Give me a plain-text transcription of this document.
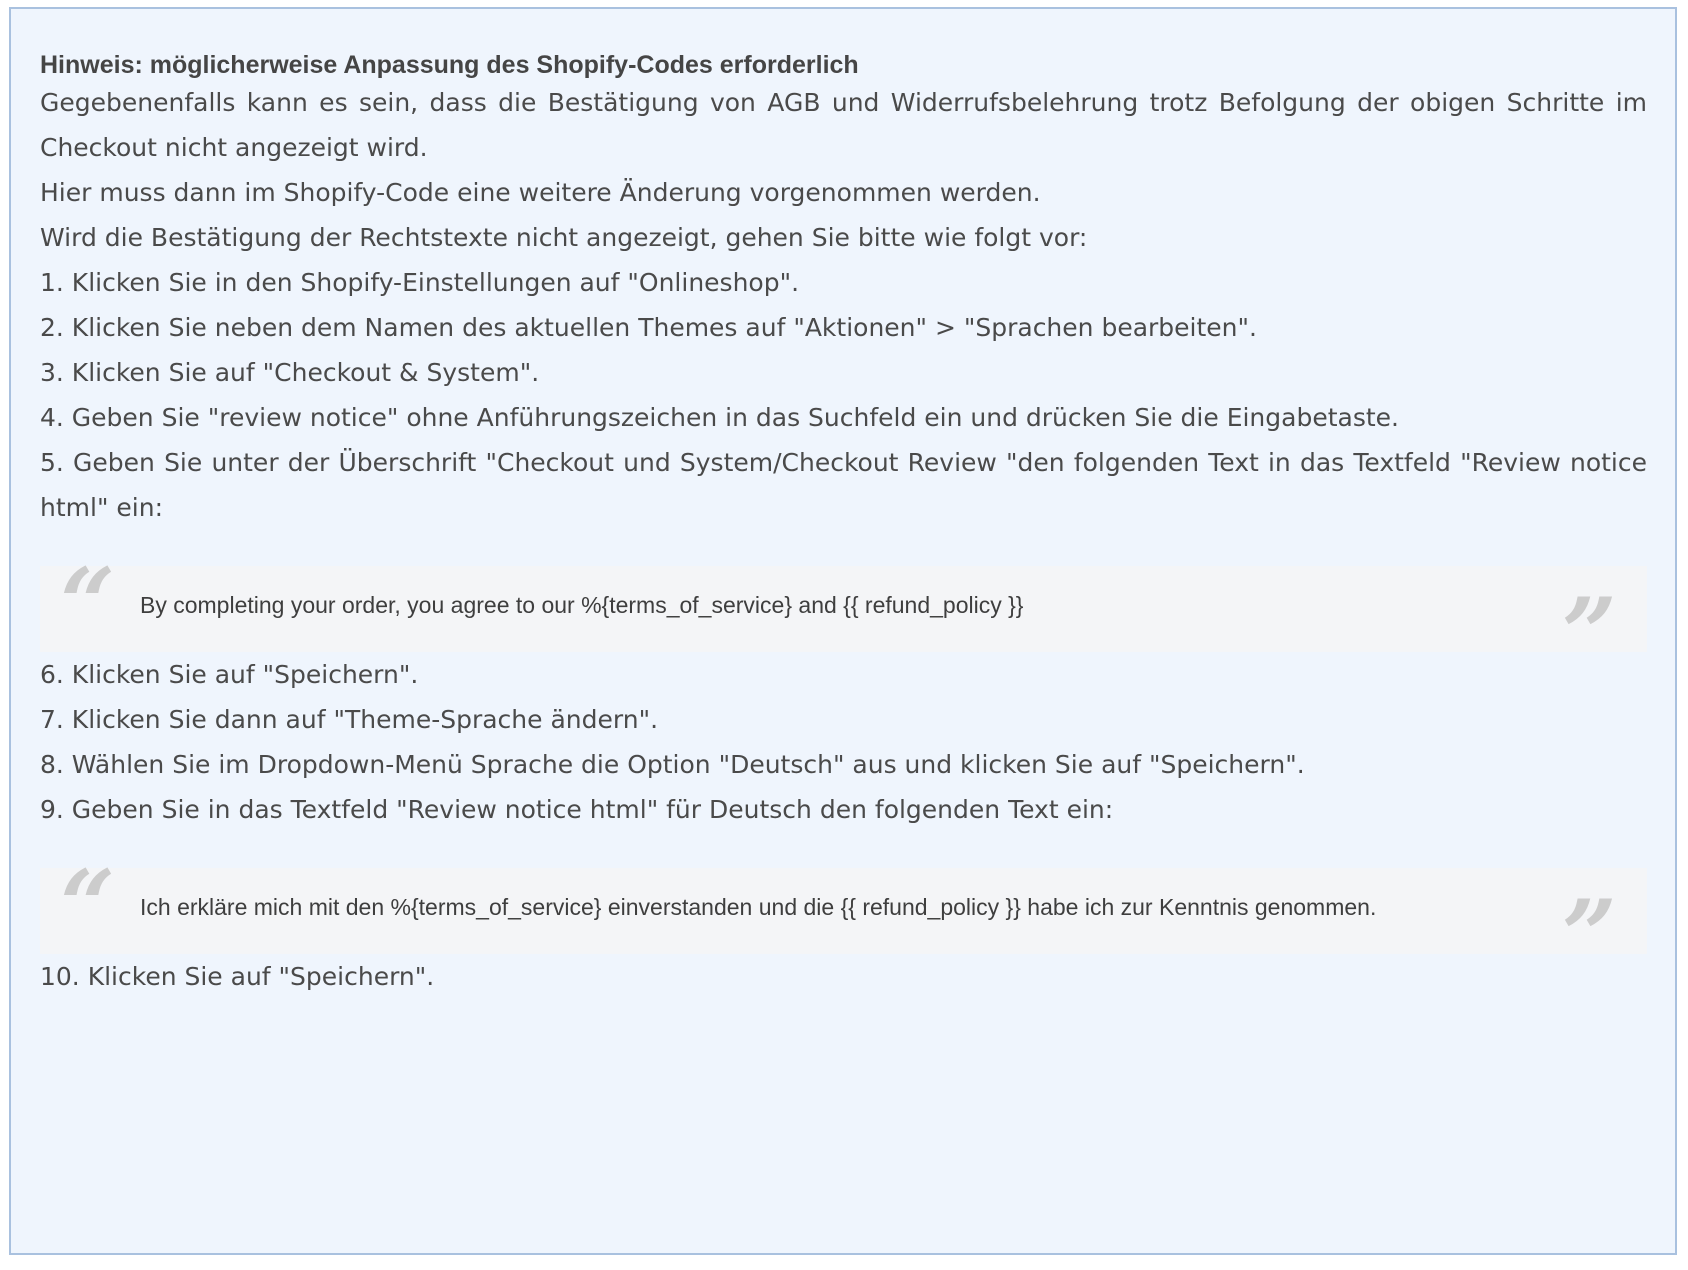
Hinweis: möglicherweise Anpassung des Shopify-Codes erforderlich

Gegebenenfalls kann es sein, dass die Bestätigung von AGB und Widerrufsbelehrung trotz Befolgung der obigen Schritte im Checkout nicht angezeigt wird.

Hier muss dann im Shopify-Code eine weitere Änderung vorgenommen werden.

Wird die Bestätigung der Rechtstexte nicht angezeigt, gehen Sie bitte wie folgt vor:

1. Klicken Sie in den Shopify-Einstellungen auf "Onlineshop".
2. Klicken Sie neben dem Namen des aktuellen Themes auf "Aktionen" > "Sprachen bearbeiten".
3. Klicken Sie auf "Checkout & System".
4. Geben Sie "review notice" ohne Anführungszeichen in das Suchfeld ein und drücken Sie die Eingabetaste.
5. Geben Sie unter der Überschrift "Checkout und System/Checkout Review "den folgenden Text in das Textfeld "Review notice html" ein:
“ By completing your order, you agree to our %{terms_of_service} and {{ refund_policy }}	”
6. Klicken Sie auf "Speichern".
7. Klicken Sie dann auf "Theme-Sprache ändern".
8. Wählen Sie im Dropdown-Menü Sprache die Option "Deutsch" aus und klicken Sie auf "Speichern".
9. Geben Sie in das Textfeld "Review notice html" für Deutsch den folgenden Text ein:
“ Ich erkläre mich mit den %{terms_of_service} einverstanden und die {{ refund_policy }} habe ich zur Kenntnis genommen. ”
10. Klicken Sie auf "Speichern".
